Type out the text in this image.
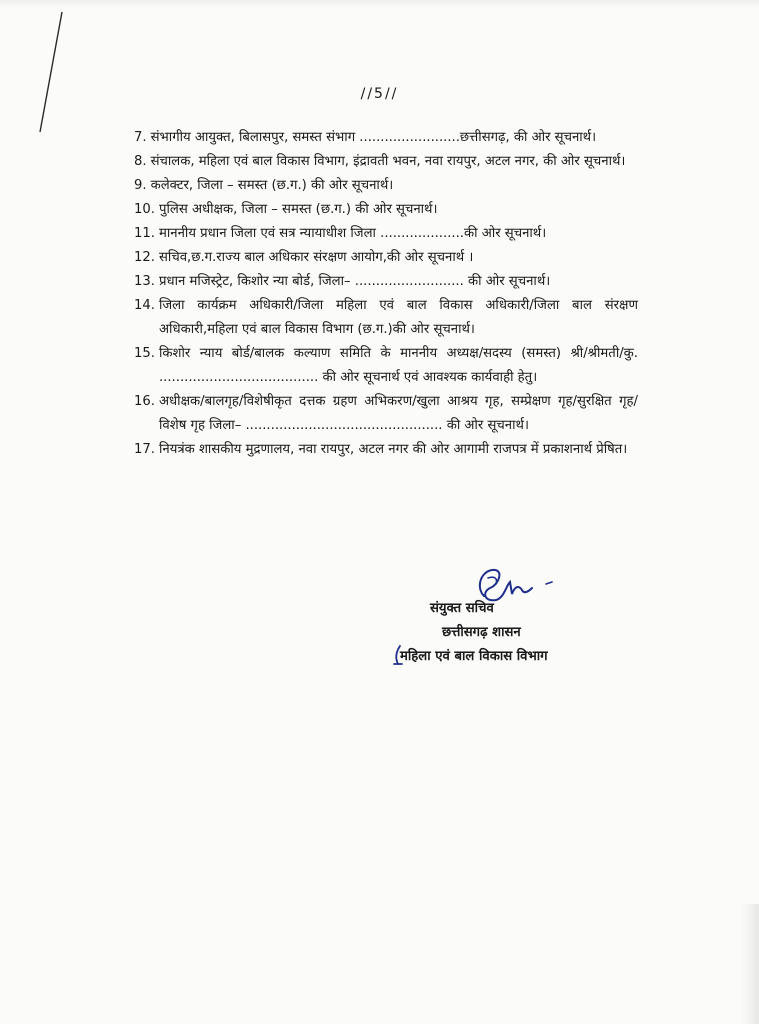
//5//
7. संभागीय आयुक्त, बिलासपुर, समस्त संभाग ........................छत्तीसगढ़, की ओर सूचनार्थ।
8. संचालक, महिला एवं बाल विकास विभाग, इंद्रावती भवन, नवा रायपुर, अटल नगर, की ओर सूचनार्थ।
9. कलेक्टर, जिला – समस्त (छ.ग.) की ओर सूचनार्थ।
10. पुलिस अधीक्षक, जिला – समस्त (छ.ग.) की ओर सूचनार्थ।
11. माननीय प्रधान जिला एवं सत्र न्यायाधीश जिला ....................की ओर सूचनार्थ।
12. सचिव,छ.ग.राज्य बाल अधिकार संरक्षण आयोग,की ओर सूचनार्थ ।
13. प्रधान मजिस्ट्रेट, किशोर न्या बोर्ड, जिला– .......................... की ओर सूचनार्थ।
14. जिला कार्यक्रम अधिकारी/जिला महिला एवं बाल विकास अधिकारी/जिला बाल संरक्षण अधिकारी,महिला एवं बाल विकास विभाग (छ.ग.)की ओर सूचनार्थ।
15. किशोर न्याय बोर्ड/बालक कल्याण समिति के माननीय अध्यक्ष/सदस्य (समस्त) श्री/श्रीमती/कु. ...................................... की ओर सूचनार्थ एवं आवश्यक कार्यवाही हेतु।
16. अधीक्षक/बालगृह/विशेषीकृत दत्तक ग्रहण अभिकरण/खुला आश्रय गृह, सम्प्रेक्षण गृह/सुरक्षित गृह/विशेष गृह जिला– ............................................... की ओर सूचनार्थ।
17. नियत्रंक शासकीय मुद्रणालय, नवा रायपुर, अटल नगर की ओर आगामी राजपत्र में प्रकाशनार्थ प्रेषित।
संयुक्त सचिव
छत्तीसगढ़ शासन
महिला एवं बाल विकास विभाग
